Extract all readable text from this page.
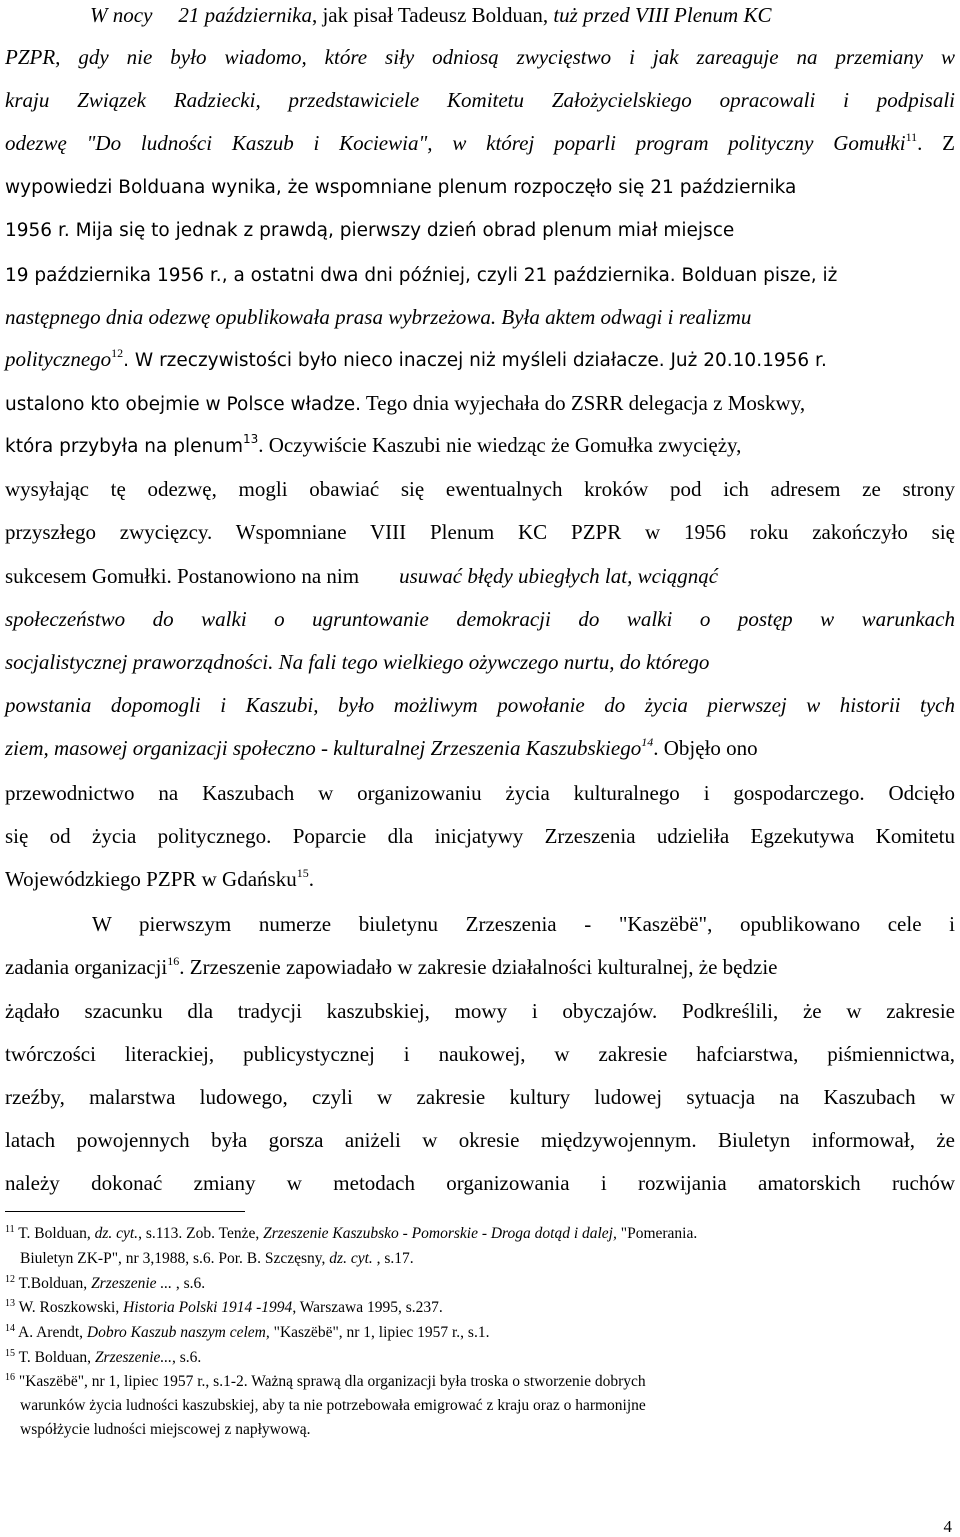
W nocy 21 października, jak pisał Tadeusz Bolduan, tuż przed VIII Plenum KC
PZPR, gdy nie było wiadomo, które siły odniosą zwycięstwo i jak zareaguje na przemiany w
kraju Związek Radziecki, przedstawiciele Komitetu Założycielskiego opracowali i podpisali
odezwę "Do ludności Kaszub i Kociewia", w której poparli program polityczny Gomułki$^{11}$. Z
wypowiedzi Bolduana wynika, że wspomniane plenum rozpoczęło się 21 października
1956 r. Mija się to jednak z prawdą, pierwszy dzień obrad plenum miał miejsce
19 października 1956 r., a ostatni dwa dni później, czyli 21 października. Bolduan pisze, iż
następnego dnia odezwę opublikowała prasa wybrzeżowa. Była aktem odwagi i realizmu
politycznego$^{12}$. W rzeczywistości było nieco inaczej niż myśleli działacze. Już 20.10.1956 r.
ustalono kto obejmie w Polsce władze. Tego dnia wyjechała do ZSRR delegacja z Moskwy,
która przybyła na plenum$^{13}$. Oczywiście Kaszubi nie wiedząc że Gomułka zwycięży,
wysyłając tę odezwę, mogli obawiać się ewentualnych kroków pod ich adresem ze strony
przyszłego zwycięzcy. Wspomniane VIII Plenum KC PZPR w 1956 roku zakończyło się
sukcesem Gomułki. Postanowiono na nim usuwać błędy ubiegłych lat, wciągnąć
społeczeństwo do walki o ugruntowanie demokracji do walki o postęp w warunkach
socjalistycznej praworządności. Na fali tego wielkiego ożywczego nurtu, do którego
powstania dopomogli i Kaszubi, było możliwym powołanie do życia pierwszej w historii tych
ziem, masowej organizacji społeczno - kulturalnej Zrzeszenia Kaszubskiego$^{14}$. Objęło ono
przewodnictwo na Kaszubach w organizowaniu życia kulturalnego i gospodarczego. Odcięło
się od życia politycznego. Poparcie dla inicjatywy Zrzeszenia udzieliła Egzekutywa Komitetu
Wojewódzkiego PZPR w Gdańsku$^{15}$.
W pierwszym numerze biuletynu Zrzeszenia - "Kaszëbë", opublikowano cele i
zadania organizacji$^{16}$. Zrzeszenie zapowiadało w zakresie działalności kulturalnej, że będzie
żądało szacunku dla tradycji kaszubskiej, mowy i obyczajów. Podkreślili, że w zakresie
twórczości literackiej, publicystycznej i naukowej, w zakresie hafciarstwa, piśmiennictwa,
rzeźby, malarstwa ludowego, czyli w zakresie kultury ludowej sytuacja na Kaszubach w
latach powojennych była gorsza aniżeli w okresie międzywojennym. Biuletyn informował, że
należy dokonać zmiany w metodach organizowania i rozwijania amatorskich ruchów
$^{11}$ T. Bolduan, dz. cyt., s.113. Zob. Tenże, Zrzeszenie Kaszubsko - Pomorskie - Droga dotąd i dalej, "Pomerania.
Biuletyn ZK-P", nr 3,1988, s.6. Por. B. Szczęsny, dz. cyt. , s.17.
$^{12}$ T.Bolduan, Zrzeszenie ... , s.6.
$^{13}$ W. Roszkowski, Historia Polski 1914 -1994, Warszawa 1995, s.237.
$^{14}$ A. Arendt, Dobro Kaszub naszym celem, "Kaszëbë", nr 1, lipiec 1957 r., s.1.
$^{15}$ T. Bolduan, Zrzeszenie..., s.6.
$^{16}$ "Kaszëbë", nr 1, lipiec 1957 r., s.1-2. Ważną sprawą dla organizacji była troska o stworzenie dobrych
warunków życia ludności kaszubskiej, aby ta nie potrzebowała emigrować z kraju oraz o harmonijne
współżycie ludności miejscowej z napływową.
4
